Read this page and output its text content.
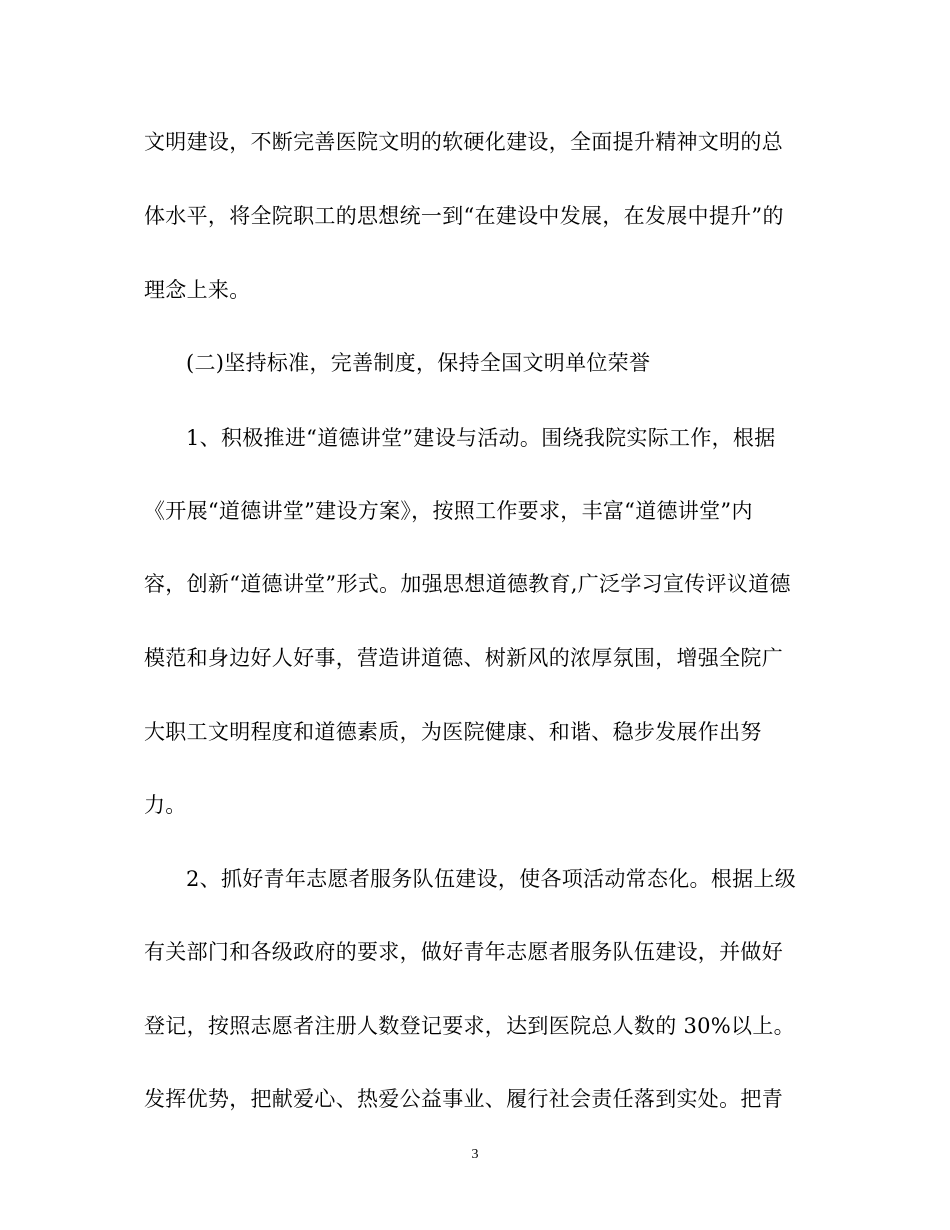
文明建设，不断完善医院文明的软硬化建设，全面提升精神文明的总
体水平，将全院职工的思想统一到“在建设中发展，在发展中提升”的
理念上来。
(二)坚持标准，完善制度，保持全国文明单位荣誉
1、积极推进“道德讲堂”建设与活动。围绕我院实际工作，根据
《开展“道德讲堂”建设方案》，按照工作要求，丰富“道德讲堂”内
容，创新“道德讲堂”形式。加强思想道德教育,广泛学习宣传评议道德
模范和身边好人好事，营造讲道德、树新风的浓厚氛围，增强全院广
大职工文明程度和道德素质，为医院健康、和谐、稳步发展作出努
力。
2、抓好青年志愿者服务队伍建设，使各项活动常态化。根据上级
有关部门和各级政府的要求，做好青年志愿者服务队伍建设，并做好
登记，按照志愿者注册人数登记要求，达到医院总人数的 30%以上。
发挥优势，把献爱心、热爱公益事业、履行社会责任落到实处。把青
3
